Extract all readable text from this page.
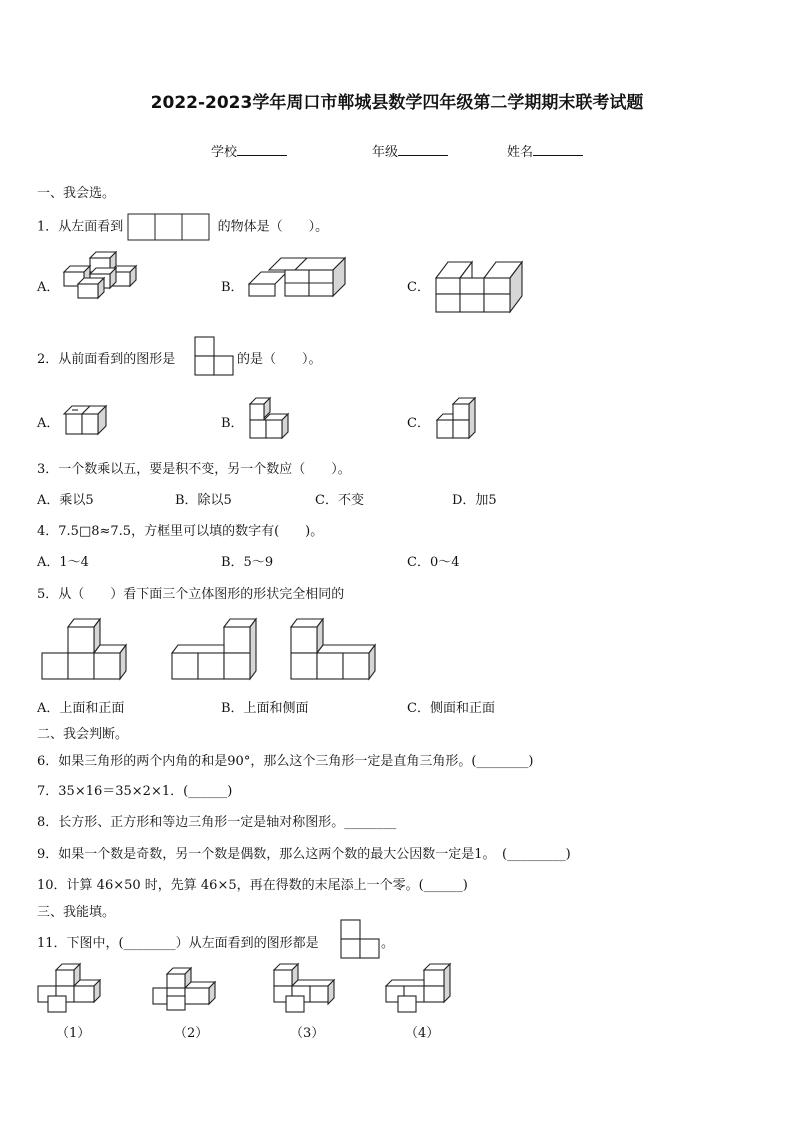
2022-2023学年周口市郸城县数学四年级第二学期期末联考试题
学校	年级	姓名
一、我会选。
1．从左面看到	的物体是（　　）。
A．	B．	C．
2．从前面看到的图形是	的是（　　）。
A．	B．	C．
3．一个数乘以五，要是积不变，另一个数应（　　）。
A．乘以5	B．除以5	C．不变	D．加5
4．7.5□8≈7.5，方框里可以填的数字有(　　)。
A．1～4	B．5～9	C．0～4
5．从（　　）看下面三个立体图形的形状完全相同的
A．上面和正面	B．上面和侧面	C．侧面和正面
二、我会判断。
6．如果三角形的两个内角的和是90°，那么这个三角形一定是直角三角形。(________)
7．35×16＝35×2×1．(______)
8．长方形、正方形和等边三角形一定是轴对称图形。________
9．如果一个数是奇数，另一个数是偶数，那么这两个数的最大公因数一定是1。　(_________)
10．计算 46×50 时，先算 46×5，再在得数的末尾添上一个零。(______)
三、我能填。
11．下图中，(________）从左面看到的图形都是	。
（1）	（2）	（3）	（4）
